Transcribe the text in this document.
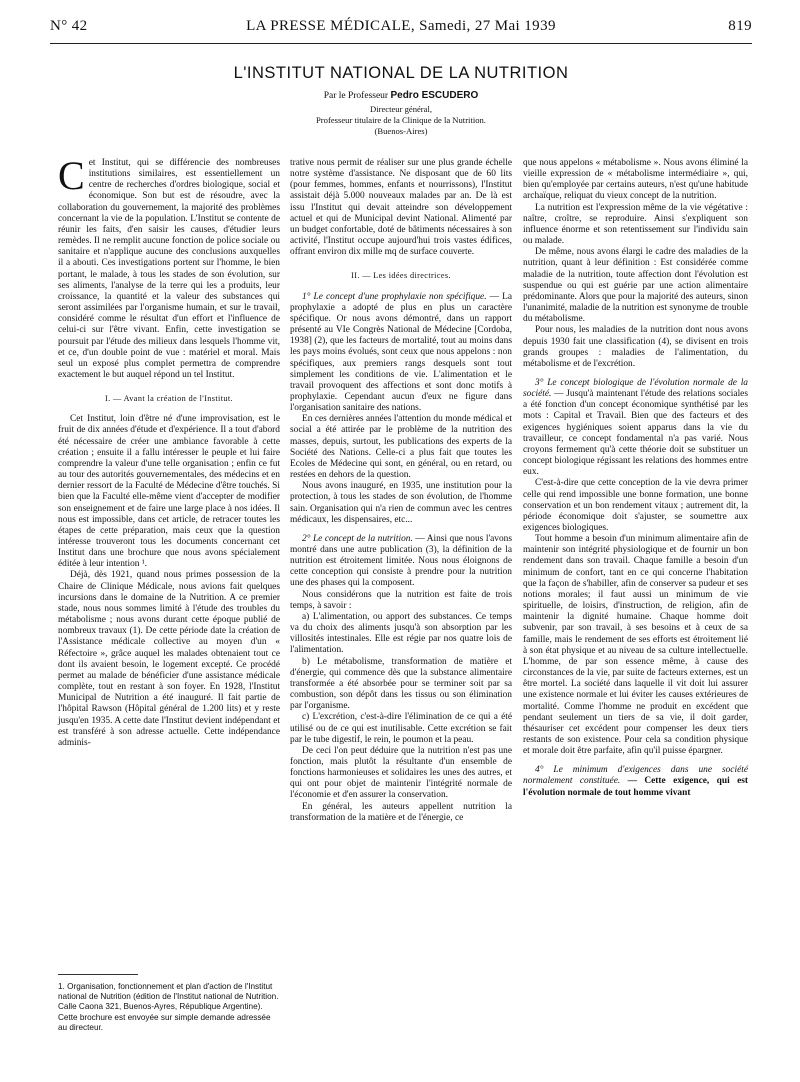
N° 42	LA PRESSE MÉDICALE, Samedi, 27 Mai 1939	819
L'INSTITUT NATIONAL DE LA NUTRITION
Par le Professeur Pedro ESCUDERO
Directeur général,
Professeur titulaire de la Clinique de la Nutrition.
(Buenos-Aires)

Cet Institut, qui se différencie des nombreuses institutions similaires, est essentiellement un centre de recherches d'ordres biologique, social et économique. Son but est de résoudre, avec la collaboration du gouvernement, la majorité des problèmes concernant la vie de la population. L'Institut se contente de réunir les faits, d'en saisir les causes, d'étudier leurs remèdes. Il ne remplit aucune fonction de police sociale ou sanitaire et n'applique aucune des conclusions auxquelles il a abouti. Ces investigations portent sur l'homme, le bien portant, le malade, à tous les stades de son évolution, sur ses aliments, l'analyse de la terre qui les a produits, leur croissance, la quantité et la valeur des substances qui seront assimilées par l'organisme humain, et sur le travail, considéré comme le résultat d'un effort et l'influence de celui-ci sur l'être vivant. Enfin, cette investigation se poursuit par l'étude des milieux dans lesquels l'homme vit, et ce, d'un double point de vue : matériel et moral. Mais seul un exposé plus complet permettra de comprendre exactement le but auquel répond un tel Institut.

I. — Avant la création de l'Institut.

Cet Institut, loin d'être né d'une improvisation, est le fruit de dix années d'étude et d'expérience. Il a tout d'abord été nécessaire de créer une ambiance favorable à cette création ; ensuite il a fallu intéresser le peuple et lui faire comprendre la valeur d'une telle organisation ; enfin ce fut au tour des autorités gouvernementales, des médecins et en dernier ressort de la Faculté de Médecine d'être touchés. Si bien que la Faculté elle-même vient d'accepter de modifier son enseignement et de faire une large place à nos idées. Il nous est impossible, dans cet article, de retracer toutes les étapes de cette préparation, mais ceux que la question intéresse trouveront tous les documents concernant cet Institut dans une brochure que nous avons spécialement éditée à leur intention ¹.

Déjà, dès 1921, quand nous primes possession de la Chaire de Clinique Médicale, nous avions fait quelques incursions dans le domaine de la Nutrition. A ce premier stade, nous nous sommes limité à l'étude des troubles du métabolisme ; nous avons durant cette époque publié de nombreux travaux (1). De cette période date la création de l'Assistance médicale collective au moyen d'un « Réfectoire », grâce auquel les malades obtenaient tout ce dont ils avaient besoin, le logement excepté. Ce procédé permet au malade de bénéficier d'une assistance médicale complète, tout en restant à son foyer. En 1928, l'Institut Municipal de Nutrition a été inauguré. Il fait partie de l'hôpital Rawson (Hôpital général de 1.200 lits) et y reste jusqu'en 1935. A cette date l'Institut devient indépendant et est transféré à son adresse actuelle. Cette indépendance adminis-

1. Organisation, fonctionnement et plan d'action de l'Institut national de Nutrition (édition de l'Institut national de Nutrition. Calle Caona 321, Buenos-Ayres, République Argentine). Cette brochure est envoyée sur simple demande adressée au directeur.

trative nous permit de réaliser sur une plus grande échelle notre système d'assistance. Ne disposant que de 60 lits (pour femmes, hommes, enfants et nourrissons), l'Institut assistait déjà 5.000 nouveaux malades par an. De là est issu l'Institut qui devait atteindre son développement actuel et qui de Municipal devint National. Alimenté par un budget confortable, doté de bâtiments nécessaires à son activité, l'Institut occupe aujourd'hui trois vastes édifices, offrant environ dix mille mq de surface couverte.

II. — Les idées directrices.

1° Le concept d'une prophylaxie non spécifique. — La prophylaxie a adopté de plus en plus un caractère spécifique. Or nous avons démontré, dans un rapport présenté au VIe Congrès National de Médecine [Cordoba, 1938] (2), que les facteurs de mortalité, tout au moins dans les pays moins évolués, sont ceux que nous appelons : non spécifiques, aux premiers rangs desquels sont tout simplement les conditions de vie. L'alimentation et le travail provoquent des affections et sont donc motifs à prophylaxie. Cependant aucun d'eux ne figure dans l'organisation sanitaire des nations.

En ces dernières années l'attention du monde médical et social a été attirée par le problème de la nutrition des masses, depuis, surtout, les publications des experts de la Société des Nations. Celle-ci a plus fait que toutes les Ecoles de Médecine qui sont, en général, ou en retard, ou restées en dehors de la question.

Nous avons inauguré, en 1935, une institution pour la protection, à tous les stades de son évolution, de l'homme sain. Organisation qui n'a rien de commun avec les centres médicaux, les dispensaires, etc...

2° Le concept de la nutrition. — Ainsi que nous l'avons montré dans une autre publication (3), la définition de la nutrition est étroitement limitée. Nous nous éloignons de cette conception qui consiste à prendre pour la nutrition une des phases qui la composent.

Nous considérons que la nutrition est faite de trois temps, à savoir :

a) L'alimentation, ou apport des substances. Ce temps va du choix des aliments jusqu'à son absorption par les villosités intestinales. Elle est régie par nos quatre lois de l'alimentation.

b) Le métabolisme, transformation de matière et d'énergie, qui commence dès que la substance alimentaire transformée a été absorbée pour se terminer soit par sa combustion, son dépôt dans les tissus ou son élimination par l'organisme.

c) L'excrétion, c'est-à-dire l'élimination de ce qui a été utilisé ou de ce qui est inutilisable. Cette excrétion se fait par le tube digestif, le rein, le poumon et la peau.

De ceci l'on peut déduire que la nutrition n'est pas une fonction, mais plutôt la résultante d'un ensemble de fonctions harmonieuses et solidaires les unes des autres, et qui ont pour objet de maintenir l'intégrité normale de l'économie et d'en assurer la conservation.

En général, les auteurs appellent nutrition la transformation de la matière et de l'énergie, ce

que nous appelons « métabolisme ». Nous avons éliminé la vieille expression de « métabolisme intermédiaire », qui, bien qu'employée par certains auteurs, n'est qu'une habitude archaïque, reliquat du vieux concept de la nutrition.

La nutrition est l'expression même de la vie végétative : naître, croître, se reproduire. Ainsi s'expliquent son influence énorme et son retentissement sur l'individu sain ou malade.

De même, nous avons élargi le cadre des maladies de la nutrition, quant à leur définition : Est considérée comme maladie de la nutrition, toute affection dont l'évolution est suspendue ou qui est guérie par une action alimentaire prédominante. Alors que pour la majorité des auteurs, sinon l'unanimité, maladie de la nutrition est synonyme de trouble du métabolisme.

Pour nous, les maladies de la nutrition dont nous avons depuis 1930 fait une classification (4), se divisent en trois grands groupes : maladies de l'alimentation, du métabolisme et de l'excrétion.

3° Le concept biologique de l'évolution normale de la société. — Jusqu'à maintenant l'étude des relations sociales a été fonction d'un concept économique synthétisé par les mots : Capital et Travail. Bien que des facteurs et des exigences hygiéniques soient apparus dans la vie du travailleur, ce concept fondamental n'a pas varié. Nous croyons fermement qu'à cette théorie doit se substituer un concept biologique régissant les relations des hommes entre eux.

C'est-à-dire que cette conception de la vie devra primer celle qui rend impossible une bonne formation, une bonne conservation et un bon rendement vitaux ; autrement dit, la période économique doit s'ajuster, se soumettre aux exigences biologiques.

Tout homme a besoin d'un minimum alimentaire afin de maintenir son intégrité physiologique et de fournir un bon rendement dans son travail. Chaque famille a besoin d'un minimum de confort, tant en ce qui concerne l'habitation que la façon de s'habiller, afin de conserver sa pudeur et ses notions morales; il faut aussi un minimum de vie spirituelle, de loisirs, d'instruction, de religion, afin de maintenir la dignité humaine. Chaque homme doit subvenir, par son travail, à ses besoins et à ceux de sa famille, mais le rendement de ses efforts est étroitement lié à son état physique et au niveau de sa culture intellectuelle. L'homme, de par son essence même, à cause des circonstances de la vie, par suite de facteurs externes, est un être mortel. La société dans laquelle il vit doit lui assurer une existence normale et lui éviter les causes extérieures de mortalité. Comme l'homme ne produit en excédent que pendant seulement un tiers de sa vie, il doit garder, thésauriser cet excédent pour compenser les deux tiers restants de son existence. Pour cela sa condition physique et morale doit être parfaite, afin qu'il puisse épargner.

4° Le minimum d'exigences dans une société normalement constituée. — Cette exigence, qui est l'évolution normale de tout homme vivant
